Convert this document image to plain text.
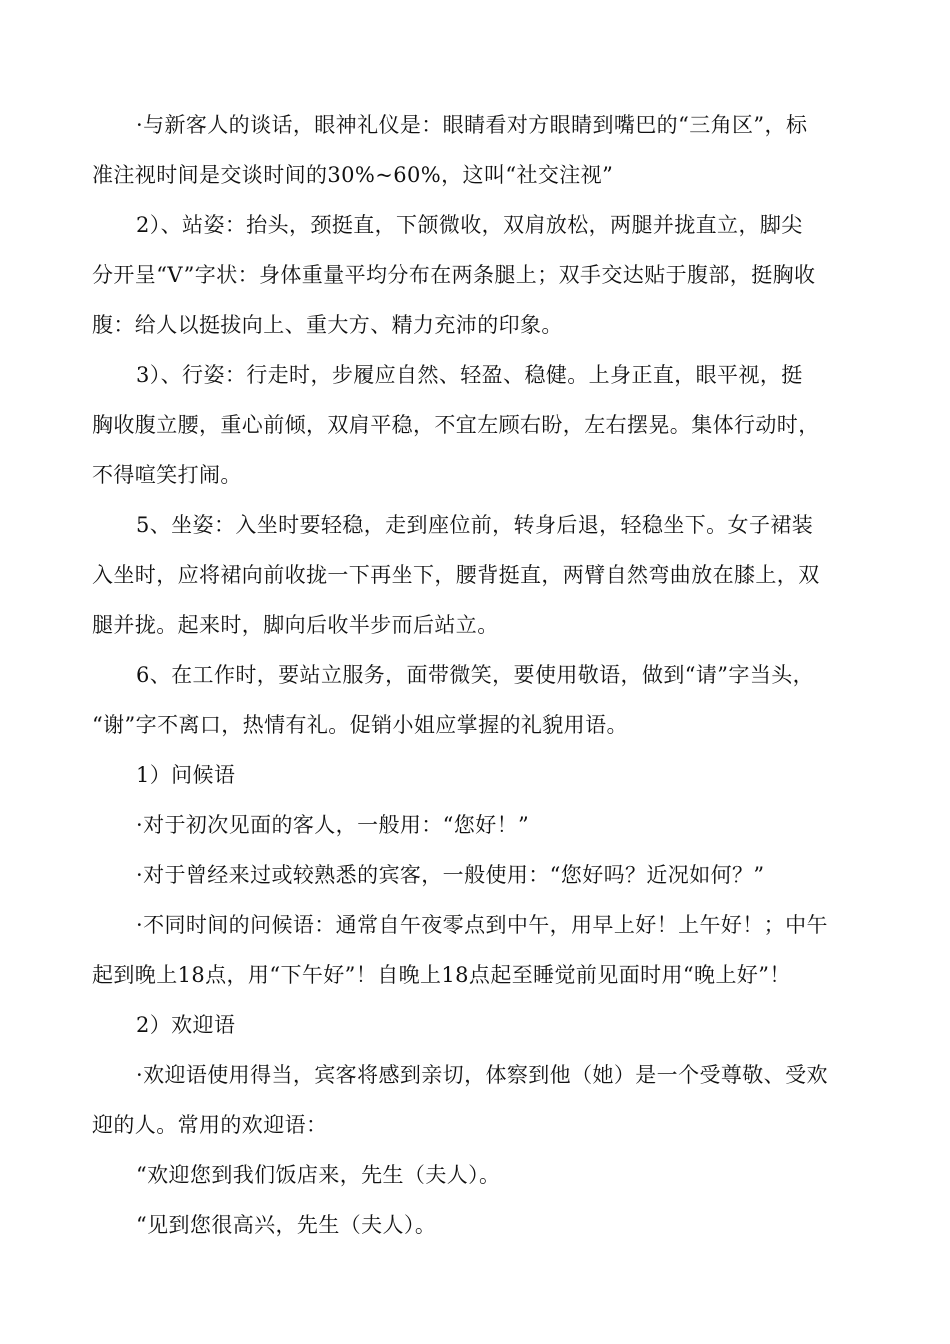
·与新客人的谈话，眼神礼仪是：眼睛看对方眼睛到嘴巴的“三角区”，标
准注视时间是交谈时间的30%~60%，这叫“社交注视”
2）、站姿：抬头，颈挺直，下颌微收，双肩放松，两腿并拢直立，脚尖
分开呈“V”字状：身体重量平均分布在两条腿上；双手交达贴于腹部，挺胸收
腹：给人以挺拔向上、重大方、精力充沛的印象。
3）、行姿：行走时，步履应自然、轻盈、稳健。上身正直，眼平视，挺
胸收腹立腰，重心前倾，双肩平稳，不宜左顾右盼，左右摆晃。集体行动时，
不得喧笑打闹。
5、坐姿：入坐时要轻稳，走到座位前，转身后退，轻稳坐下。女子裙装
入坐时，应将裙向前收拢一下再坐下，腰背挺直，两臂自然弯曲放在膝上，双
腿并拢。起来时，脚向后收半步而后站立。
6、在工作时，要站立服务，面带微笑，要使用敬语，做到“请”字当头，
“谢”字不离口，热情有礼。促销小姐应掌握的礼貌用语。
1）问候语
·对于初次见面的客人，一般用：“您好！”
·对于曾经来过或较熟悉的宾客，一般使用：“您好吗？近况如何？”
·不同时间的问候语：通常自午夜零点到中午，用早上好！上午好！；中午
起到晚上18点，用“下午好”！自晚上18点起至睡觉前见面时用“晚上好”！
2）欢迎语
·欢迎语使用得当，宾客将感到亲切，体察到他（她）是一个受尊敬、受欢
迎的人。常用的欢迎语：
“欢迎您到我们饭店来，先生（夫人）。
“见到您很高兴，先生（夫人）。
